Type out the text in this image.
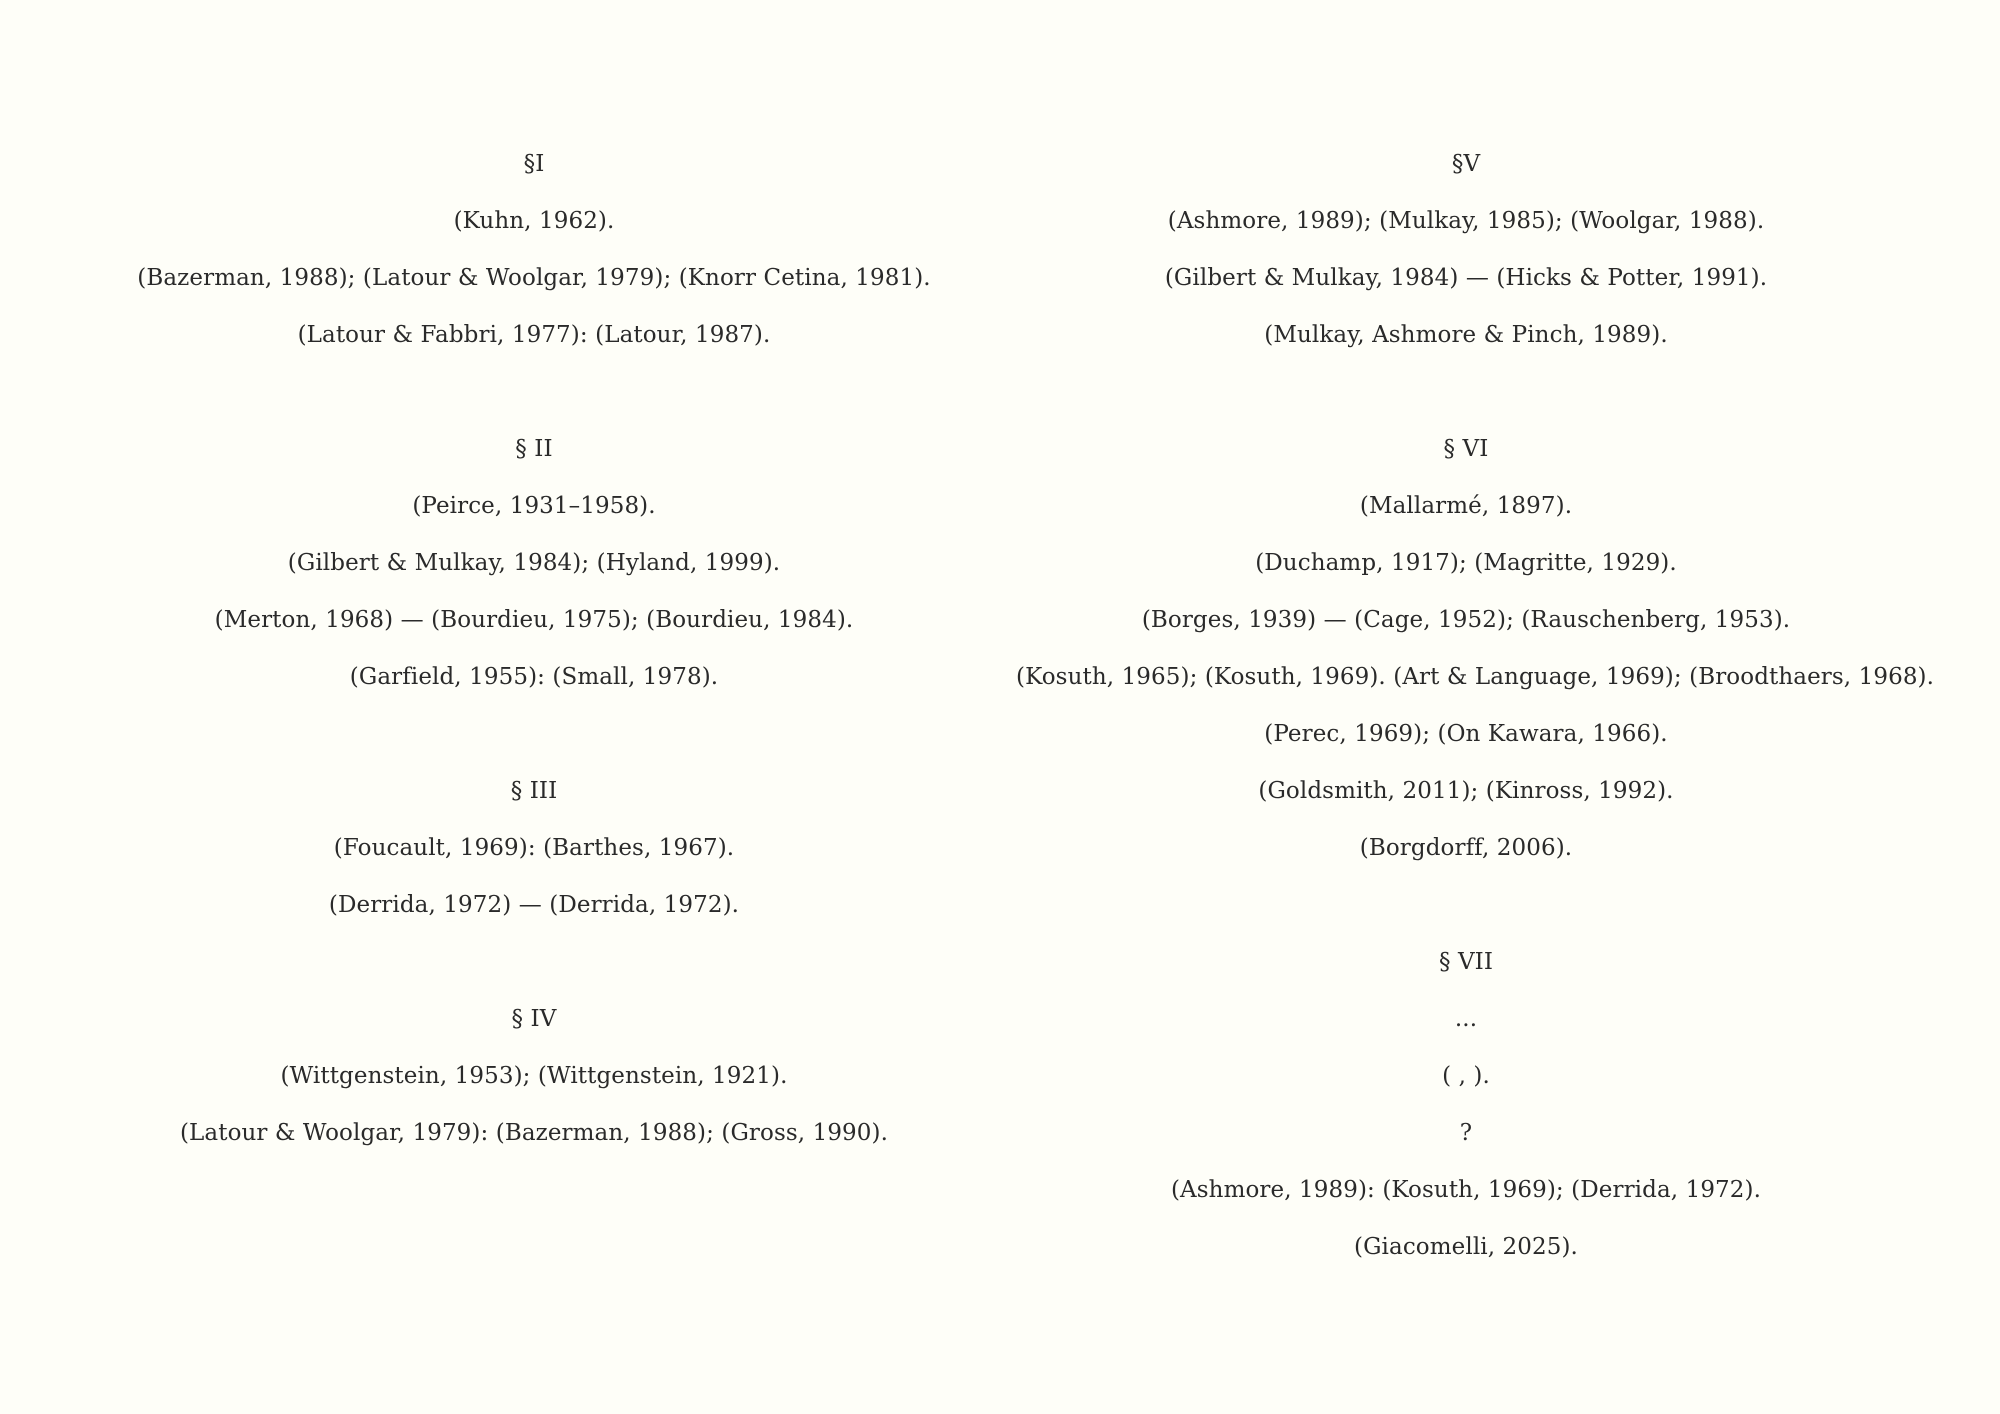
§I
(Kuhn, 1962).
(Bazerman, 1988); (Latour & Woolgar, 1979); (Knorr Cetina, 1981).
(Latour & Fabbri, 1977): (Latour, 1987).
§ II
(Peirce, 1931–1958).
(Gilbert & Mulkay, 1984); (Hyland, 1999).
(Merton, 1968) — (Bourdieu, 1975); (Bourdieu, 1984).
(Garfield, 1955): (Small, 1978).
§ III
(Foucault, 1969): (Barthes, 1967).
(Derrida, 1972) — (Derrida, 1972).
§ IV
(Wittgenstein, 1953); (Wittgenstein, 1921).
(Latour & Woolgar, 1979): (Bazerman, 1988); (Gross, 1990).
§V
(Ashmore, 1989); (Mulkay, 1985); (Woolgar, 1988).
(Gilbert & Mulkay, 1984) — (Hicks & Potter, 1991).
(Mulkay, Ashmore & Pinch, 1989).
§ VI
(Mallarmé, 1897).
(Duchamp, 1917); (Magritte, 1929).
(Borges, 1939) — (Cage, 1952); (Rauschenberg, 1953).
(Kosuth, 1965); (Kosuth, 1969). (Art & Language, 1969); (Broodthaers, 1968).
(Perec, 1969); (On Kawara, 1966).
(Goldsmith, 2011); (Kinross, 1992).
(Borgdorff, 2006).
§ VII
...
( , ).
?
(Ashmore, 1989): (Kosuth, 1969); (Derrida, 1972).
(Giacomelli, 2025).
